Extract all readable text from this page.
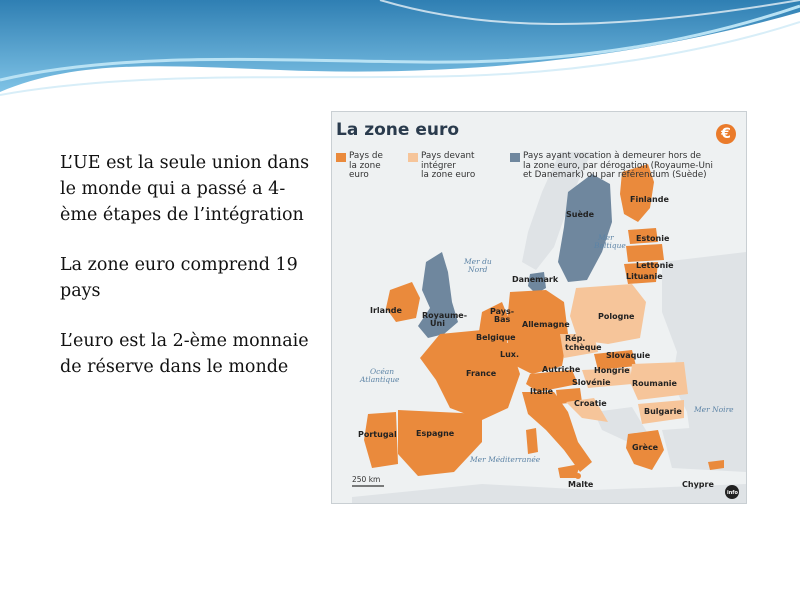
L’UE est la seule union dans le monde qui a passé a 4-ème étapes de l’intégration
La zone euro comprend 19 pays
L’euro est la 2-ème monnaie de réserve dans le monde
Finlande
Suède
Estonie
Lettonie
Lituanie
Danemark
Irlande
Royaume-
Uni
Pays-
Bas
Allemagne
Belgique
Pologne
Rép.
tchèque
Lux.	Slovaquie
France	Autriche Hongrie
Slovénie	Roumanie
Italie
Croatie
Bulgarie
Portugal Espagne
Grèce
Malte	Chypre
Mer
Baltique
Mer du
Nord
Océan
Atlantique
Mer Méditerranée
Mer Noire
250 km
info
La zone euro	€
Pays de
la zone
euro
Pays devant
intégrer
la zone euro
Pays ayant vocation à demeurer hors de
la zone euro, par dérogation (Royaume-Uni
et Danemark) ou par référendum (Suède)
